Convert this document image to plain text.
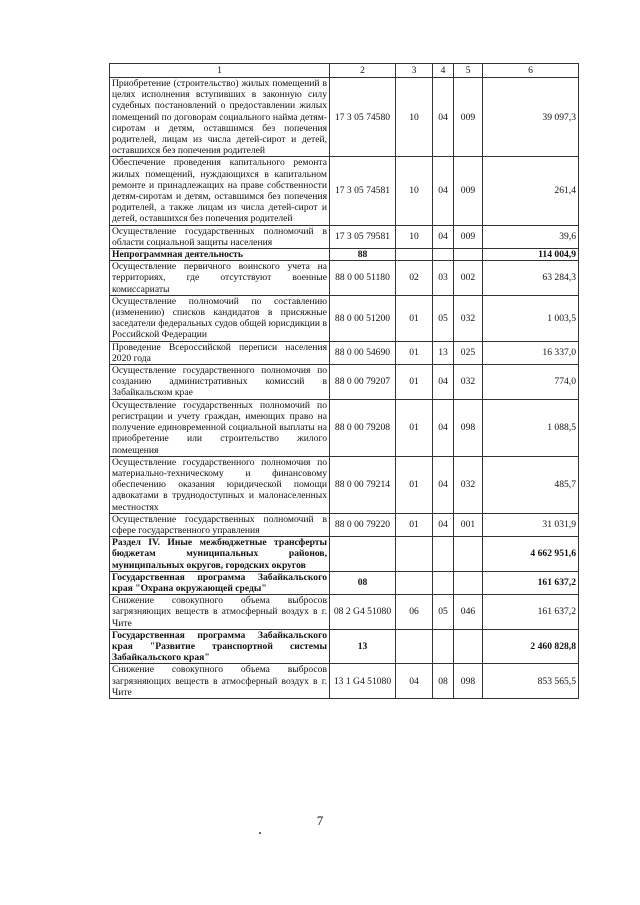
1	2	3	4	5	6
Приобретение (строительство) жилых помещений в целях исполнения вступивших в законную силу судебных постановлений о предоставлении жилых помещений по договорам социального найма детям-сиротам и детям, оставшимся без попечения родителей, лицам из числа детей-сирот и детей, оставшихся без попечения родителей	17 3 05 74580	10	04	009	39 097,3
Обеспечение проведения капитального ремонта жилых помещений, нуждающихся в капитальном ремонте и принадлежащих на праве собственности детям-сиротам и детям, оставшимся без попечения родителей, а также лицам из числа детей-сирот и детей, оставшихся без попечения родителей	17 3 05 74581	10	04	009	261,4
Осуществление государственных полномочий в области социальной защиты населения	17 3 05 79581	10	04	009	39,6
Непрограммная деятельность	88				114 004,9
Осуществление первичного воинского учета на территориях, где отсутствуют военные комиссариаты	88 0 00 51180	02	03	002	63 284,3
Осуществление полномочий по составлению (изменению) списков кандидатов в присяжные заседатели федеральных судов общей юрисдикции в Российской Федерации	88 0 00 51200	01	05	032	1 003,5
Проведение Всероссийской переписи населения 2020 года	88 0 00 54690	01	13	025	16 337,0
Осуществление государственного полномочия по созданию административных комиссий в Забайкальском крае	88 0 00 79207	01	04	032	774,0
Осуществление государственных полномочий по регистрации и учету граждан, имеющих право на получение единовременной социальной выплаты на приобретение или строительство жилого помещения	88 0 00 79208	01	04	098	1 088,5
Осуществление государственного полномочия по материально-техническому и финансовому обеспечению оказания юридической помощи адвокатами в труднодоступных и малонаселенных местностях	88 0 00 79214	01	04	032	485,7
Осуществление государственных полномочий в сфере государственного управления	88 0 00 79220	01	04	001	31 031,9
Раздел IV. Иные межбюджетные трансферты бюджетам муниципальных районов, муниципальных округов, городских округов					4 662 951,6
Государственная программа Забайкальского края "Охрана окружающей среды"	08				161 637,2
Снижение совокупного объема выбросов загрязняющих веществ в атмосферный воздух в г. Чите	08 2 G4 51080	06	05	046	161 637,2
Государственная программа Забайкальского края "Развитие транспортной системы Забайкальского края"	13				2 460 828,8
Снижение совокупного объема выбросов загрязняющих веществ в атмосферный воздух в г. Чите	13 1 G4 51080	04	08	098	853 565,5
7
